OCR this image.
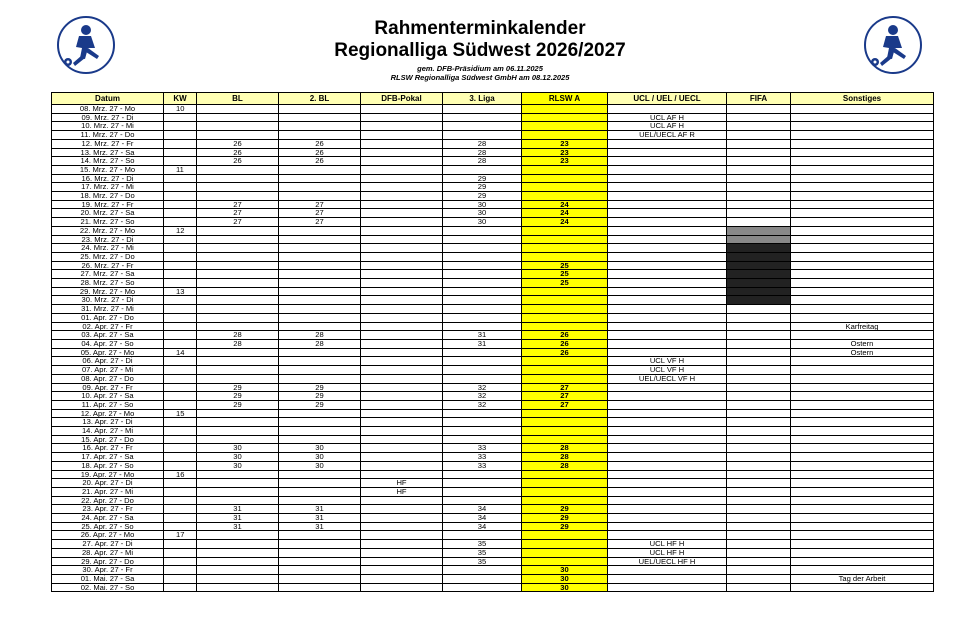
Rahmenterminkalender
Regionalliga Südwest 2026/2027
gem. DFB-Präsidium am 06.11.2025
RLSW Regionalliga Südwest GmbH am 08.12.2025
Datum	KW	BL	2. BL	DFB-Pokal	3. Liga	RLSW A	UCL / UEL / UECL	FIFA	Sonstiges
08. Mrz. 27 - Mo	10								
09. Mrz. 27 - Di							UCL AF H		
10. Mrz. 27 - Mi							UCL AF H		
11. Mrz. 27 - Do							UEL/UECL AF R		
12. Mrz. 27 - Fr		26	26		28	23			
13. Mrz. 27 - Sa		26	26		28	23			
14. Mrz. 27 - So		26	26		28	23			
15. Mrz. 27 - Mo	11								
16. Mrz. 27 - Di					29				
17. Mrz. 27 - Mi					29				
18. Mrz. 27 - Do					29				
19. Mrz. 27 - Fr		27	27		30	24			
20. Mrz. 27 - Sa		27	27		30	24			
21. Mrz. 27 - So		27	27		30	24			
22. Mrz. 27 - Mo	12								
23. Mrz. 27 - Di									
24. Mrz. 27 - Mi									
25. Mrz. 27 - Do									
26. Mrz. 27 - Fr						25			
27. Mrz. 27 - Sa						25			
28. Mrz. 27 - So						25			
29. Mrz. 27 - Mo	13								
30. Mrz. 27 - Di									
31. Mrz. 27 - Mi									
01. Apr. 27 - Do									
02. Apr. 27 - Fr									Karfreitag
03. Apr. 27 - Sa		28	28		31	26			
04. Apr. 27 - So		28	28		31	26			Ostern
05. Apr. 27 - Mo	14					26			Ostern
06. Apr. 27 - Di							UCL VF H		
07. Apr. 27 - Mi							UCL VF H		
08. Apr. 27 - Do							UEL/UECL VF H		
09. Apr. 27 - Fr		29	29		32	27			
10. Apr. 27 - Sa		29	29		32	27			
11. Apr. 27 - So		29	29		32	27			
12. Apr. 27 - Mo	15								
13. Apr. 27 - Di									
14. Apr. 27 - Mi									
15. Apr. 27 - Do									
16. Apr. 27 - Fr		30	30		33	28			
17. Apr. 27 - Sa		30	30		33	28			
18. Apr. 27 - So		30	30		33	28			
19. Apr. 27 - Mo	16								
20. Apr. 27 - Di				HF					
21. Apr. 27 - Mi				HF					
22. Apr. 27 - Do									
23. Apr. 27 - Fr		31	31		34	29			
24. Apr. 27 - Sa		31	31		34	29			
25. Apr. 27 - So		31	31		34	29			
26. Apr. 27 - Mo	17								
27. Apr. 27 - Di					35		UCL HF H		
28. Apr. 27 - Mi					35		UCL HF H		
29. Apr. 27 - Do					35		UEL/UECL HF H		
30. Apr. 27 - Fr						30			
01. Mai. 27 - Sa						30			Tag der Arbeit
02. Mai. 27 - So						30			
